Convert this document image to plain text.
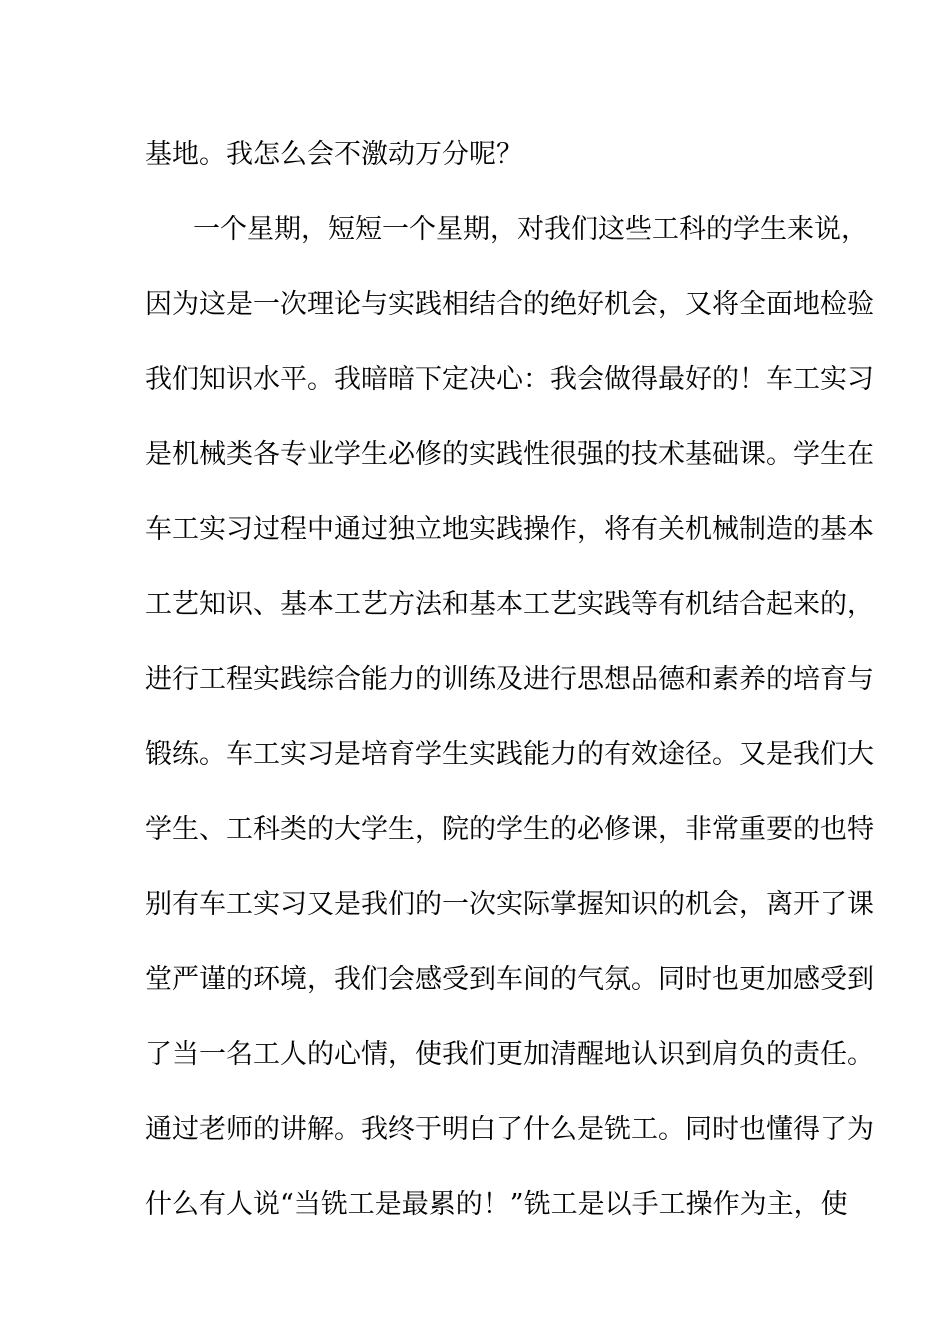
基地。我怎么会不激动万分呢？
一个星期，短短一个星期，对我们这些工科的学生来说，
因为这是一次理论与实践相结合的绝好机会，又将全面地检验
我们知识水平。我暗暗下定决心：我会做得最好的！车工实习
是机械类各专业学生必修的实践性很强的技术基础课。学生在
车工实习过程中通过独立地实践操作，将有关机械制造的基本
工艺知识、基本工艺方法和基本工艺实践等有机结合起来的，
进行工程实践综合能力的训练及进行思想品德和素养的培育与
锻练。车工实习是培育学生实践能力的有效途径。又是我们大
学生、工科类的大学生，院的学生的必修课，非常重要的也特
别有车工实习又是我们的一次实际掌握知识的机会，离开了课
堂严谨的环境，我们会感受到车间的气氛。同时也更加感受到
了当一名工人的心情，使我们更加清醒地认识到肩负的责任。
通过老师的讲解。我终于明白了什么是铣工。同时也懂得了为
什么有人说“当铣工是最累的！”铣工是以手工操作为主，使
